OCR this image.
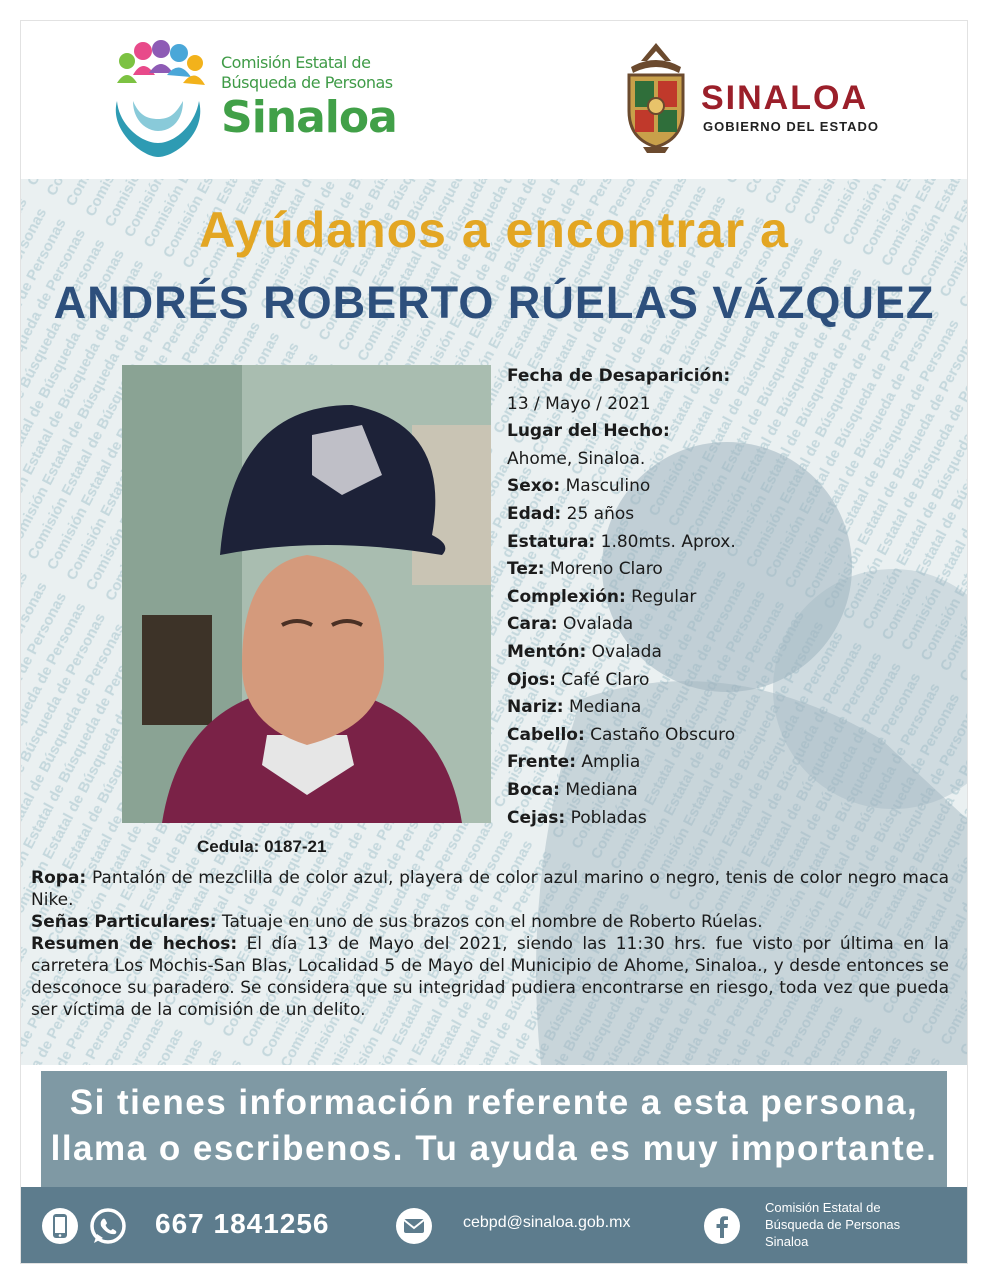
Comisión Estatal de
Búsqueda de Personas
Sinaloa	SINALOA
GOBIERNO DEL ESTADO
Ayúdanos a encontrar a
ANDRÉS ROBERTO RÚELAS VÁZQUEZ
Fecha de Desaparición:
13 / Mayo / 2021
Lugar del Hecho:
Ahome, Sinaloa.
Sexo: Masculino
Edad: 25 años
Estatura: 1.80mts. Aprox.
Tez: Moreno Claro
Complexión: Regular
Cara: Ovalada
Mentón: Ovalada
Ojos: Café Claro
Nariz: Mediana
Cabello: Castaño Obscuro
Frente: Amplia
Boca: Mediana
Cejas: Pobladas
Cedula: 0187-21
Ropa: Pantalón de mezclilla de color azul, playera de color azul marino o negro, tenis de color negro maca Nike.
Señas Particulares: Tatuaje en uno de sus brazos con el nombre de Roberto Rúelas.
Resumen de hechos: El día 13 de Mayo del 2021, siendo las 11:30 hrs. fue visto por última en la carretera Los Mochis-San Blas, Localidad 5 de Mayo del Municipio de Ahome, Sinaloa., y desde entonces se desconoce su paradero. Se considera que su integridad pudiera encontrarse en riesgo, toda vez que pueda ser víctima de la comisión de un delito.
Si tienes información referente a esta persona,
llama o escribenos. Tu ayuda es muy importante.
667 1841256	cebpd@sinaloa.gob.mx
Comisión Estatal de
Búsqueda de Personas
Sinaloa
